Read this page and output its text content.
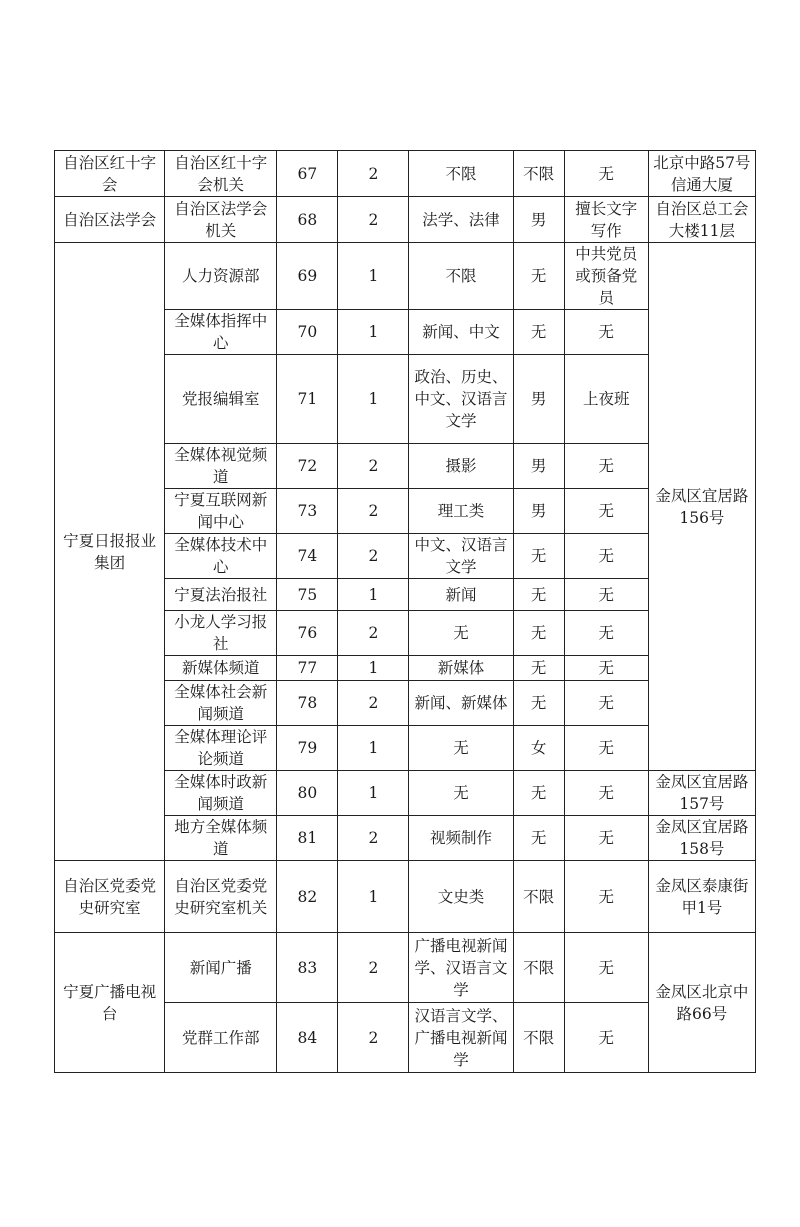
自治区红十字会	自治区红十字会机关	67	2	不限	不限	无	北京中路57号信通大厦
自治区法学会	自治区法学会机关	68	2	法学、法律	男	擅长文字写作	自治区总工会大楼11层
宁夏日报报业集团	人力资源部	69	1	不限	无	中共党员或预备党员	金凤区宜居路156号
	全媒体指挥中心	70	1	新闻、中文	无	无	
	党报编辑室	71	1	政治、历史、中文、汉语言文学	男	上夜班	
	全媒体视觉频道	72	2	摄影	男	无	
	宁夏互联网新闻中心	73	2	理工类	男	无	
	全媒体技术中心	74	2	中文、汉语言文学	无	无	
	宁夏法治报社	75	1	新闻	无	无	
	小龙人学习报社	76	2	无	无	无	
	新媒体频道	77	1	新媒体	无	无	
	全媒体社会新闻频道	78	2	新闻、新媒体	无	无	
	全媒体理论评论频道	79	1	无	女	无	
	全媒体时政新闻频道	80	1	无	无	无	金凤区宜居路157号
	地方全媒体频道	81	2	视频制作	无	无	金凤区宜居路158号
自治区党委党史研究室	自治区党委党史研究室机关	82	1	文史类	不限	无	金凤区泰康街甲1号
宁夏广播电视台	新闻广播	83	2	广播电视新闻学、汉语言文学	不限	无	金凤区北京中路66号
	党群工作部	84	2	汉语言文学、广播电视新闻学	不限	无	
